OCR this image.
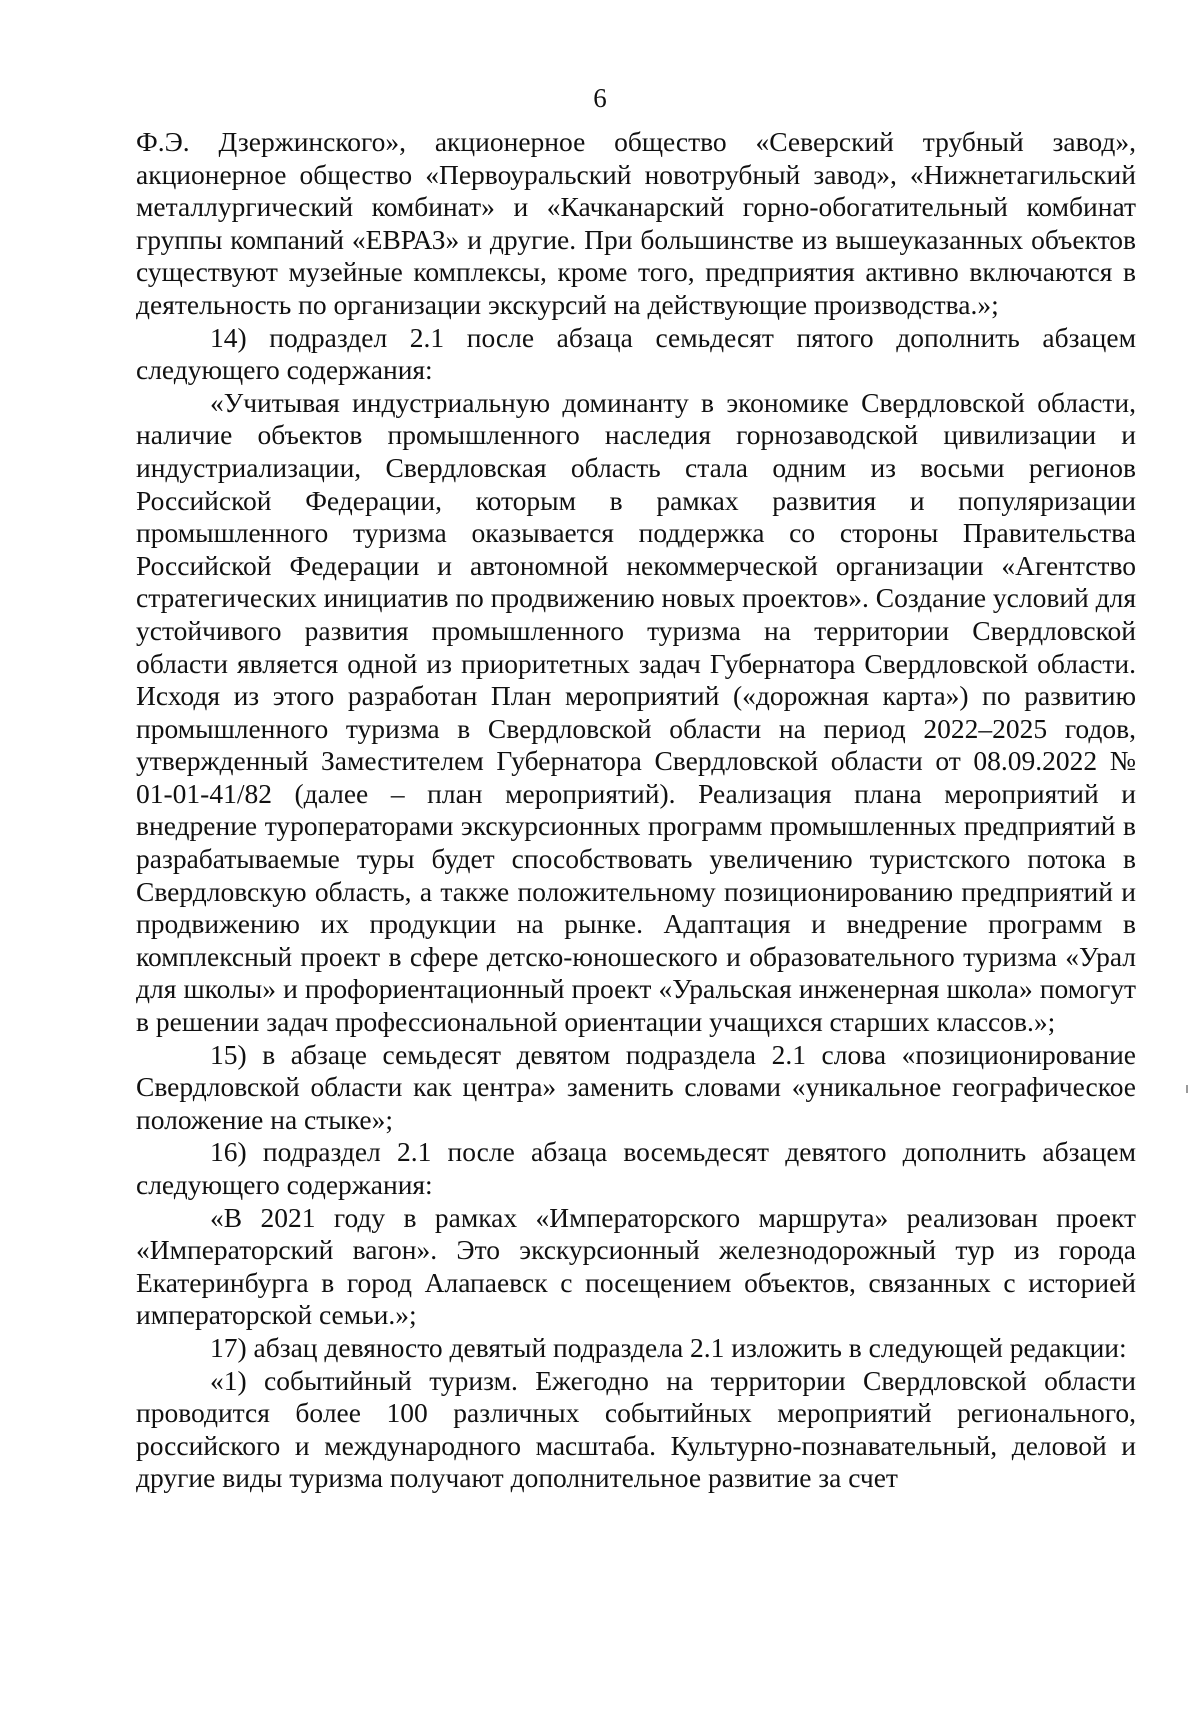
6

Ф.Э. Дзержинского», акционерное общество «Северский трубный завод», акционерное общество «Первоуральский новотрубный завод», «Нижнетагильский металлургический комбинат» и «Качканарский горно-обогатительный комбинат группы компаний «ЕВРАЗ» и другие. При большинстве из вышеуказанных объектов существуют музейные комплексы, кроме того, предприятия активно включаются в деятельность по организации экскурсий на действующие производства.»;

14) подраздел 2.1 после абзаца семьдесят пятого дополнить абзацем следующего содержания:

«Учитывая индустриальную доминанту в экономике Свердловской области, наличие объектов промышленного наследия горнозаводской цивилизации и индустриализации, Свердловская область стала одним из восьми регионов Российской Федерации, которым в рамках развития и популяризации промышленного туризма оказывается поддержка со стороны Правительства Российской Федерации и автономной некоммерческой организации «Агентство стратегических инициатив по продвижению новых проектов». Создание условий для устойчивого развития промышленного туризма на территории Свердловской области является одной из приоритетных задач Губернатора Свердловской области. Исходя из этого разработан План мероприятий («дорожная карта») по развитию промышленного туризма в Свердловской области на период 2022–2025 годов, утвержденный Заместителем Губернатора Свердловской области от 08.09.2022 № 01-01-41/82 (далее – план мероприятий). Реализация плана мероприятий и внедрение туроператорами экскурсионных программ промышленных предприятий в разрабатываемые туры будет способствовать увеличению туристского потока в Свердловскую область, а также положительному позиционированию предприятий и продвижению их продукции на рынке. Адаптация и внедрение программ в комплексный проект в сфере детско-юношеского и образовательного туризма «Урал для школы» и профориентационный проект «Уральская инженерная школа» помогут в решении задач профессиональной ориентации учащихся старших классов.»;

15) в абзаце семьдесят девятом подраздела 2.1 слова «позиционирование Свердловской области как центра» заменить словами «уникальное географическое положение на стыке»;

16) подраздел 2.1 после абзаца восемьдесят девятого дополнить абзацем следующего содержания:

«В 2021 году в рамках «Императорского маршрута» реализован проект «Императорский вагон». Это экскурсионный железнодорожный тур из города Екатеринбурга в город Алапаевск с посещением объектов, связанных с историей императорской семьи.»;

17) абзац девяносто девятый подраздела 2.1 изложить в следующей редакции:

«1) событийный туризм. Ежегодно на территории Свердловской области проводится более 100 различных событийных мероприятий регионального, российского и международного масштаба. Культурно-познавательный, деловой и другие виды туризма получают дополнительное развитие за счет
